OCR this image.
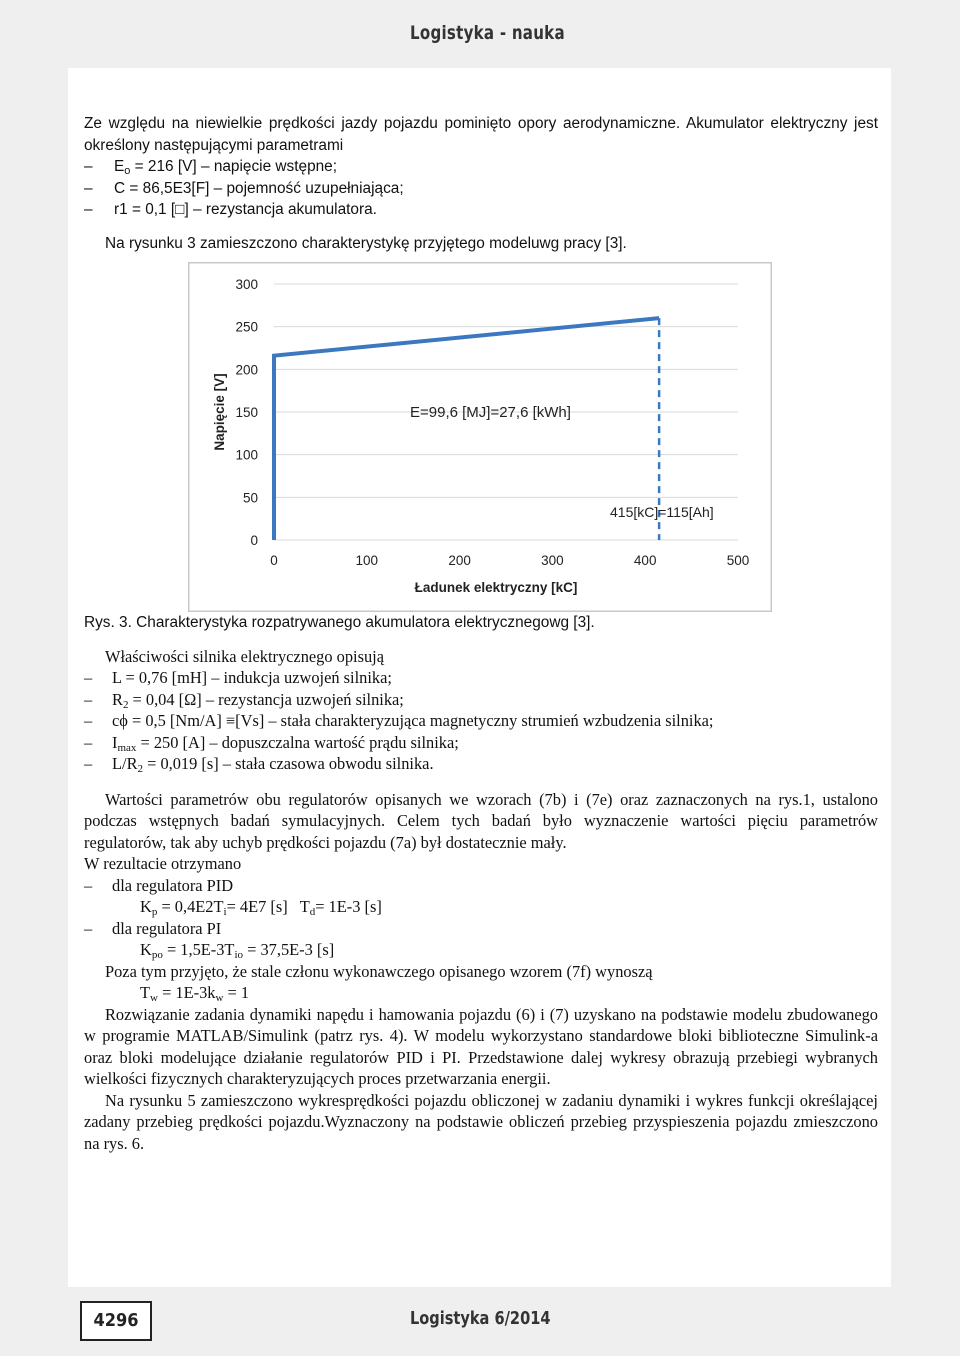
Logistyka - nauka

Ze względu na niewielkie prędkości jazdy pojazdu pominięto opory aerodynamiczne. Akumulator elektryczny jest określony następującymi parametrami

–	$E_o = 216$ [V] – napięcie wstępne;
–	C = 86,5E3[F] – pojemność uzupełniająca;
–	r1 = 0,1 [□] – rezystancja akumulatora.

Na rysunku 3 zamieszczono charakterystykę przyjętego modeluwg pracy [3].

0
50
100
150
200
250
300
0	100	200	300	400	500
Ładunek elektryczny [kC]
Napięcie [V]	E=99,6 [MJ]=27,6 [kWh]
415[kC]=115[Ah]

Rys. 3. Charakterystyka rozpatrywanego akumulatora elektrycznegowg [3].

Właściwości silnika elektrycznego opisują

–	L = 0,76 [mH] – indukcja uzwojeń silnika;
–	$R_2 = 0,04$ [Ω] – rezystancja uzwojeń silnika;
–	cϕ = 0,5 [Nm/A] ≡[Vs] – stała charakteryzująca magnetyczny strumień wzbudzenia silnika;
–	$I_{max} = 250$ [A] – dopuszczalna wartość prądu silnika;
–	$L/R_2 = 0,019$ [s] – stała czasowa obwodu silnika.

Wartości parametrów obu regulatorów opisanych we wzorach (7b) i (7e) oraz zaznaczonych na rys.1, ustalono podczas wstępnych badań symulacyjnych. Celem tych badań było wyznaczenie wartości pięciu parametrów regulatorów, tak aby uchyb prędkości pojazdu (7a) był dostatecznie mały.

W rezultacie otrzymano

–	dla regulatora PID

$K_p = 0,4E2T_i= 4E7$ [s]   $T_d= 1E-3$ [s]

–	dla regulatora PI

$K_{po} = 1,5E-3T_{io} = 37,5E-3$ [s]

Poza tym przyjęto, że stale członu wykonawczego opisanego wzorem (7f) wynoszą

$T_w = 1E-3k_w = 1$

Rozwiązanie zadania dynamiki napędu i hamowania pojazdu (6) i (7) uzyskano na podstawie modelu zbudowanego w programie MATLAB/Simulink (patrz rys. 4). W modelu wykorzystano standardowe bloki biblioteczne Simulink-a oraz bloki modelujące działanie regulatorów PID i PI. Przedstawione dalej wykresy obrazują przebiegi wybranych wielkości fizycznych charakteryzujących proces przetwarzania energii.

Na rysunku 5 zamieszczono wykresprędkości pojazdu obliczonej w zadaniu dynamiki i wykres funkcji określającej zadany przebieg prędkości pojazdu.Wyznaczony na podstawie obliczeń przebieg przyspieszenia pojazdu zmieszczono na rys. 6.

4296	Logistyka 6/2014
